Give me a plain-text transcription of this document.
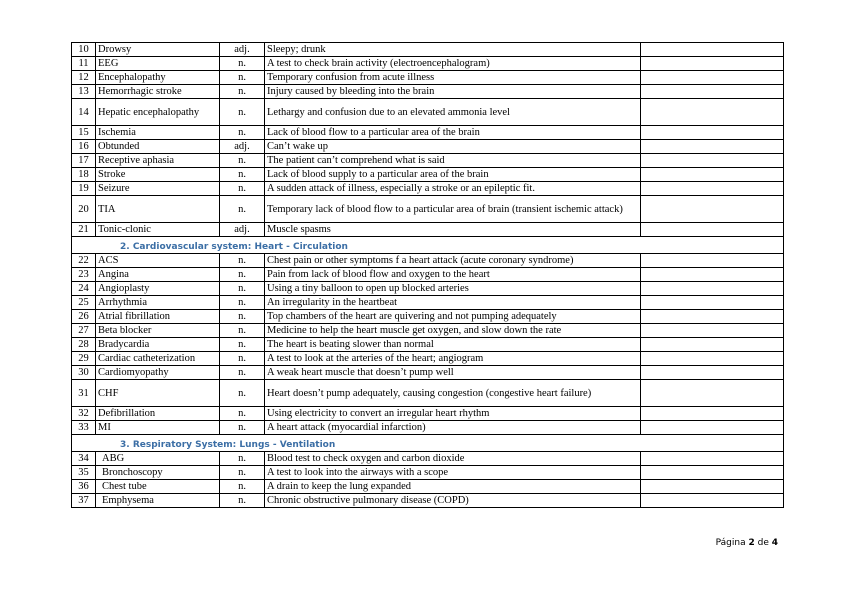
10	Drowsy	adj.	Sleepy; drunk	
11	EEG	n.	A test to check brain activity (electroencephalogram)	
12	Encephalopathy	n.	Temporary confusion from acute illness	
13	Hemorrhagic stroke	n.	Injury caused by bleeding into the brain	
14	Hepatic encephalopathy	n.	Lethargy and confusion due to an elevated ammonia level	
15	Ischemia	n.	Lack of blood flow to a particular area of the brain	
16	Obtunded	adj.	Can’t wake up	
17	Receptive aphasia	n.	The patient can’t comprehend what is said	
18	Stroke	n.	Lack of blood supply to a particular area of the brain	
19	Seizure	n.	A sudden attack of illness, especially a stroke or an epileptic fit.	
20	TIA	n.	Temporary lack of blood flow to a particular area of brain (transient ischemic attack)	
21	Tonic-clonic	adj.	Muscle spasms	
2. Cardiovascular system: Heart - Circulation				
22	ACS	n.	Chest pain or other symptoms f a heart attack (acute coronary syndrome)	
23	Angina	n.	Pain from lack of blood flow and oxygen to the heart	
24	Angioplasty	n.	Using a tiny balloon to open up blocked arteries	
25	Arrhythmia	n.	An irregularity in the heartbeat	
26	Atrial fibrillation	n.	Top chambers of the heart are quivering and not pumping adequately	
27	Beta blocker	n.	Medicine to help the heart muscle get oxygen, and slow down the rate	
28	Bradycardia	n.	The heart is beating slower than normal	
29	Cardiac catheterization	n.	A test to look at the arteries of the heart; angiogram	
30	Cardiomyopathy	n.	A weak heart muscle that doesn’t pump well	
31	CHF	n.	Heart doesn’t pump adequately, causing congestion (congestive heart failure)	
32	Defibrillation	n.	Using electricity to convert an irregular heart rhythm	
33	MI	n.	A heart attack (myocardial infarction)	
3. Respiratory System: Lungs - Ventilation				
34	ABG	n.	Blood test to check oxygen and carbon dioxide	
35	Bronchoscopy	n.	A test to look into the airways with a scope	
36	Chest tube	n.	A drain to keep the lung expanded	
37	Emphysema	n.	Chronic obstructive pulmonary disease (COPD)	
Página 2 de 4
